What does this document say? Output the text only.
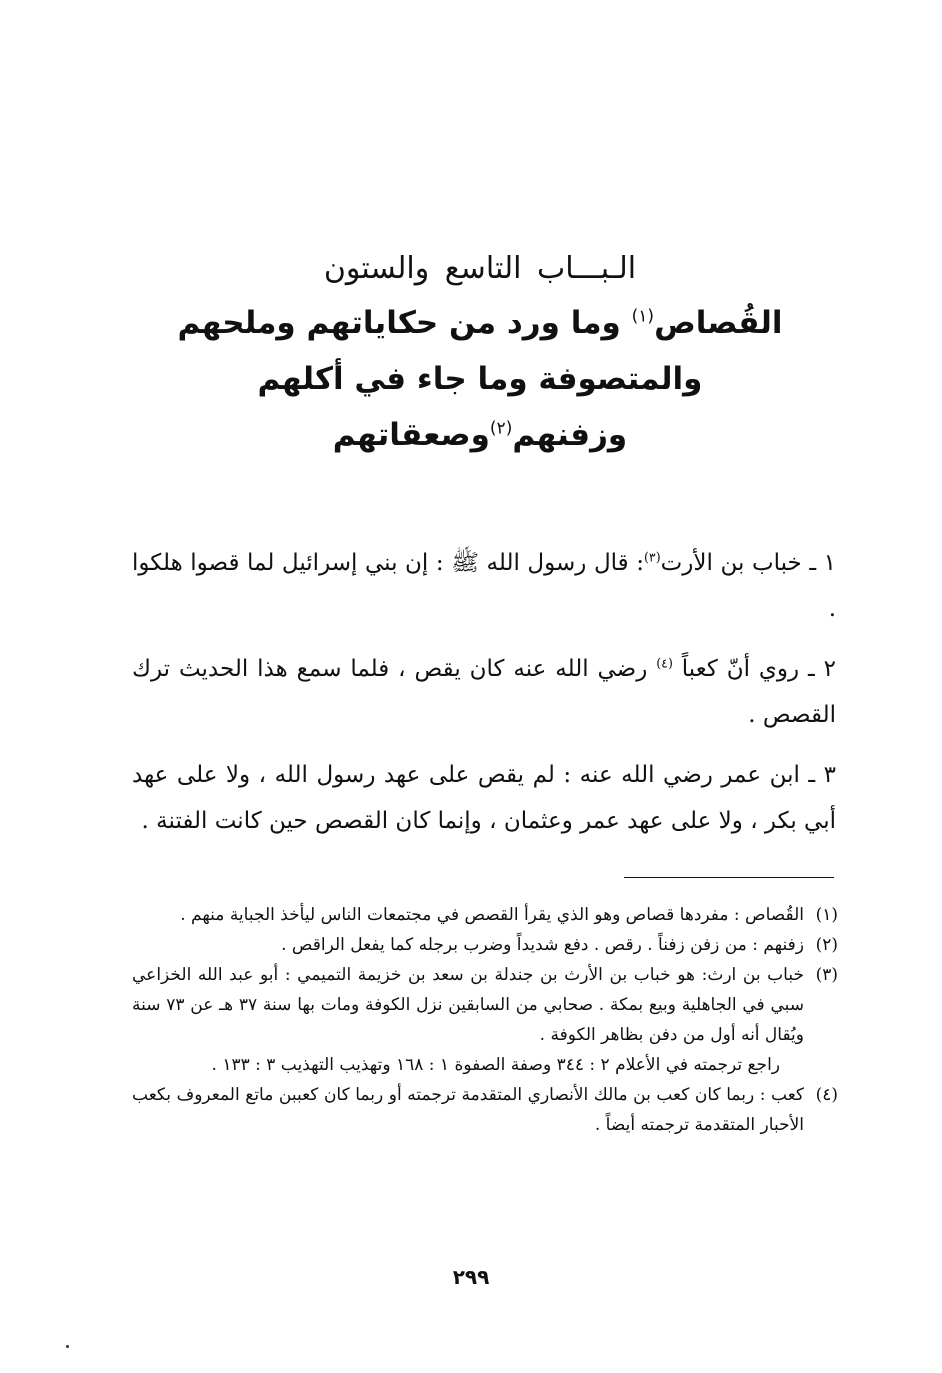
الـبـــاب التاسع والستون
القُصاص$^{(١)}$ وما ورد من حكاياتهم وملحهم
والمتصوفة وما جاء في أكلهم وزفنهم$^{(٢)}$وصعقاتهم

١ ـ خباب بن الأرت$^{(٣)}$: قال رسول الله ﷺ : إن بني إسرائيل لما قصوا هلكوا .

٢ ـ روي أنّ كعباً $^{(٤)}$ رضي الله عنه كان يقص ، فلما سمع هذا الحديث ترك القصص .

٣ ـ ابن عمر رضي الله عنه : لم يقص على عهد رسول الله ، ولا على عهد أبي بكر ، ولا على عهد عمر وعثمان ، وإنما كان القصص حين كانت الفتنة .

(١)

القُصاص : مفردها قصاص وهو الذي يقرأ القصص في مجتمعات الناس ليأخذ الجباية منهم .

(٢)

زفنهم : من زفن زفناً . رقص . دفع شديداً وضرب برجله كما يفعل الراقص .

(٣)

خباب بن ارث: هو خباب بن الأرث بن جندلة بن سعد بن خزيمة التميمي : أبو عبد الله الخزاعي سبي في الجاهلية وبيع بمكة . صحابي من السابقين نزل الكوفة ومات بها سنة ٣٧ هـ عن ٧٣ سنة ويُقال أنه أول من دفن بظاهر الكوفة .

راجع ترجمته في الأعلام ٢ : ٣٤٤ وصفة الصفوة ١ : ١٦٨ وتهذيب التهذيب ٣ : ١٣٣ .

(٤)

كعب : ربما كان كعب بن مالك الأنصاري المتقدمة ترجمته أو ربما كان كعببن ماتع المعروف بكعب الأحبار المتقدمة ترجمته أيضاً .

٢٩٩
